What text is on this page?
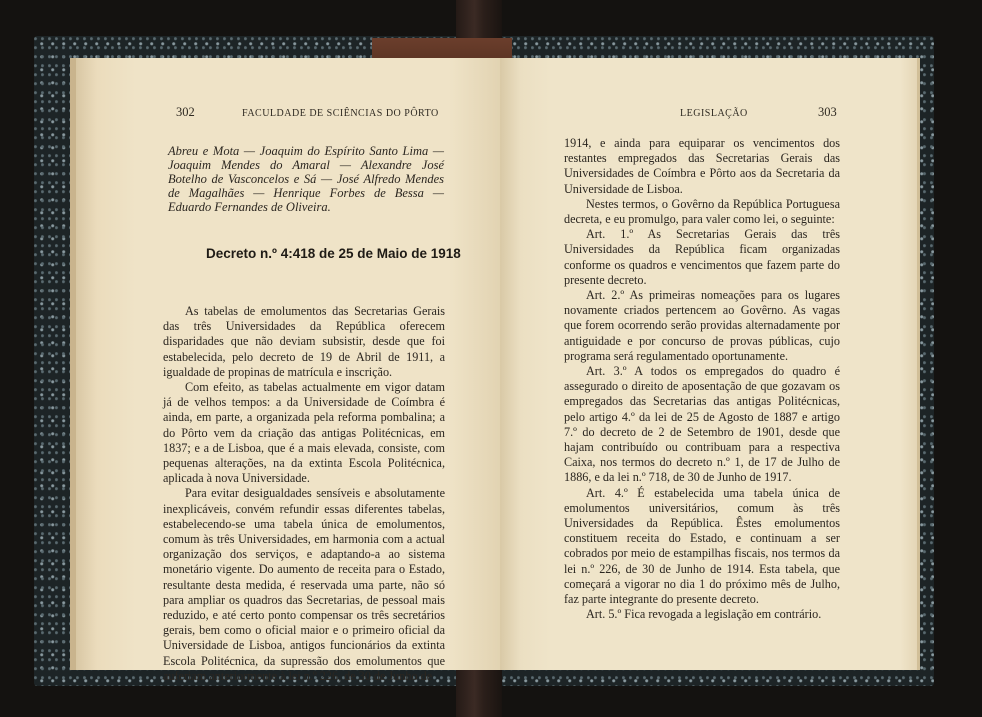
302	FACULDADE DE SCIÊNCIAS DO PÔRTO

Abreu e Mota — Joaquim do Espírito Santo Lima — Joaquim Mendes do Amaral — Alexandre José Botelho de Vasconcelos e Sá — José Alfredo Mendes de Magalhães — Henrique Forbes de Bessa — Eduardo Fernandes de Oliveira.

Decreto n.º 4:418 de 25 de Maio de 1918

As tabelas de emolumentos das Secretarias Gerais das três Universidades da República oferecem disparidades que não deviam subsistir, desde que foi estabelecida, pelo decreto de 19 de Abril de 1911, a igualdade de propinas de matrícula e inscrição.

Com efeito, as tabelas actualmente em vigor datam já de velhos tempos: a da Universidade de Coímbra é ainda, em parte, a organizada pela reforma pombalina; a do Pôrto vem da criação das antigas Politécnicas, em 1837; e a de Lisboa, que é a mais elevada, consiste, com pequenas alterações, na da extinta Escola Politécnica, aplicada à nova Universidade.

Para evitar desigualdades sensíveis e absolutamente inexplicáveis, convém refundir essas diferentes tabelas, estabelecendo-se uma tabela única de emolumentos, comum às três Universidades, em harmonia com a actual organização dos serviços, e adaptando-a ao sistema monetário vigente. Do aumento de receita para o Estado, resultante desta medida, é reservada uma parte, não só para ampliar os quadros das Secretarias, de pessoal mais reduzido, e até certo ponto compensar os três secretários gerais, bem como o oficial maior e o primeiro oficial da Universidade de Lisboa, antigos funcionários da extinta Escola Politécnica, da supressão dos emolumentos que auferiam anteriormente à lei n.º 226, de 30 de Junho de

LEGISLAÇÃO	303

1914, e ainda para equiparar os vencimentos dos restantes empregados das Secretarias Gerais das Universidades de Coímbra e Pôrto aos da Secretaria da Universidade de Lisboa.

Nestes termos, o Govêrno da República Portuguesa decreta, e eu promulgo, para valer como lei, o seguinte:

Art. 1.º As Secretarias Gerais das três Universidades da República ficam organizadas conforme os quadros e vencimentos que fazem parte do presente decreto.

Art. 2.º As primeiras nomeações para os lugares novamente criados pertencem ao Govêrno. As vagas que forem ocorrendo serão providas alternadamente por antiguidade e por concurso de provas públicas, cujo programa será regulamentado oportunamente.

Art. 3.º A todos os empregados do quadro é assegurado o direito de aposentação de que gozavam os empregados das Secretarias das antigas Politécnicas, pelo artigo 4.º da lei de 25 de Agosto de 1887 e artigo 7.º do decreto de 2 de Setembro de 1901, desde que hajam contribuído ou contribuam para a respectiva Caixa, nos termos do decreto n.º 1, de 17 de Julho de 1886, e da lei n.º 718, de 30 de Junho de 1917.

Art. 4.º É estabelecida uma tabela única de emolumentos universitários, comum às três Universidades da República. Êstes emolumentos constituem receita do Estado, e continuam a ser cobrados por meio de estampilhas fiscais, nos termos da lei n.º 226, de 30 de Junho de 1914. Esta tabela, que começará a vigorar no dia 1 do próximo mês de Julho, faz parte integrante do presente decreto.

Art. 5.º Fica revogada a legislação em contrário.
